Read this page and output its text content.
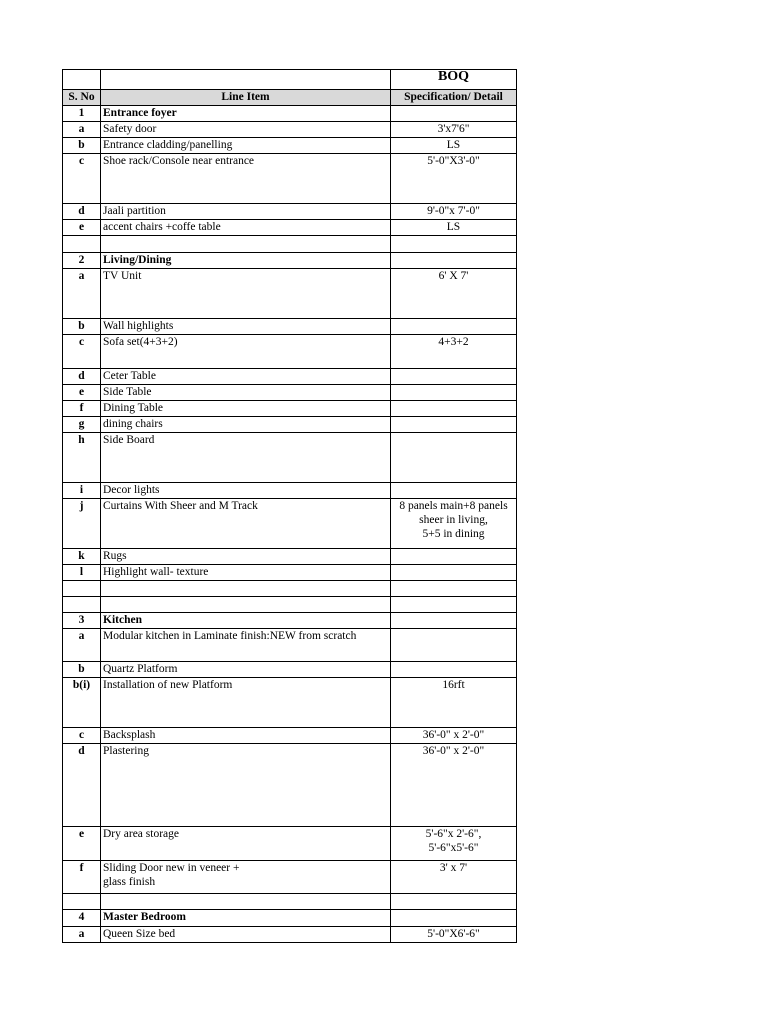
		BOQ
S. No	Line Item	Specification/ Detail
1	Entrance foyer	
a	Safety door	3'x7'6"
b	Entrance cladding/panelling	LS
c	Shoe rack/Console near entrance	5'-0"X3'-0"
d	Jaali partition	9'-0"x 7'-0"
e	accent chairs +coffe table	LS

2	Living/Dining	
a	TV Unit	6' X 7'
b	Wall highlights	
c	Sofa set(4+3+2)	4+3+2
d	Ceter Table	
e	Side Table	
f	Dining Table	
g	dining chairs	
h	Side Board	
i	Decor lights	
j	Curtains With Sheer and M Track	8 panels main+8 panels sheer in living,
5+5 in dining
k	Rugs	
l	Highlight wall- texture	

3	Kitchen	
a	Modular kitchen in Laminate finish:NEW from scratch	
b	Quartz Platform	
b(i)	Installation of new Platform	16rft
c	Backsplash	36'-0" x 2'-0"
d	Plastering	36'-0" x 2'-0"
e	Dry area storage	5'-6"x 2'-6",
5'-6"x5'-6"
f	Sliding Door new in veneer +
glass finish	3' x 7'

4	Master Bedroom	
a	Queen Size bed	5'-0"X6'-6"
